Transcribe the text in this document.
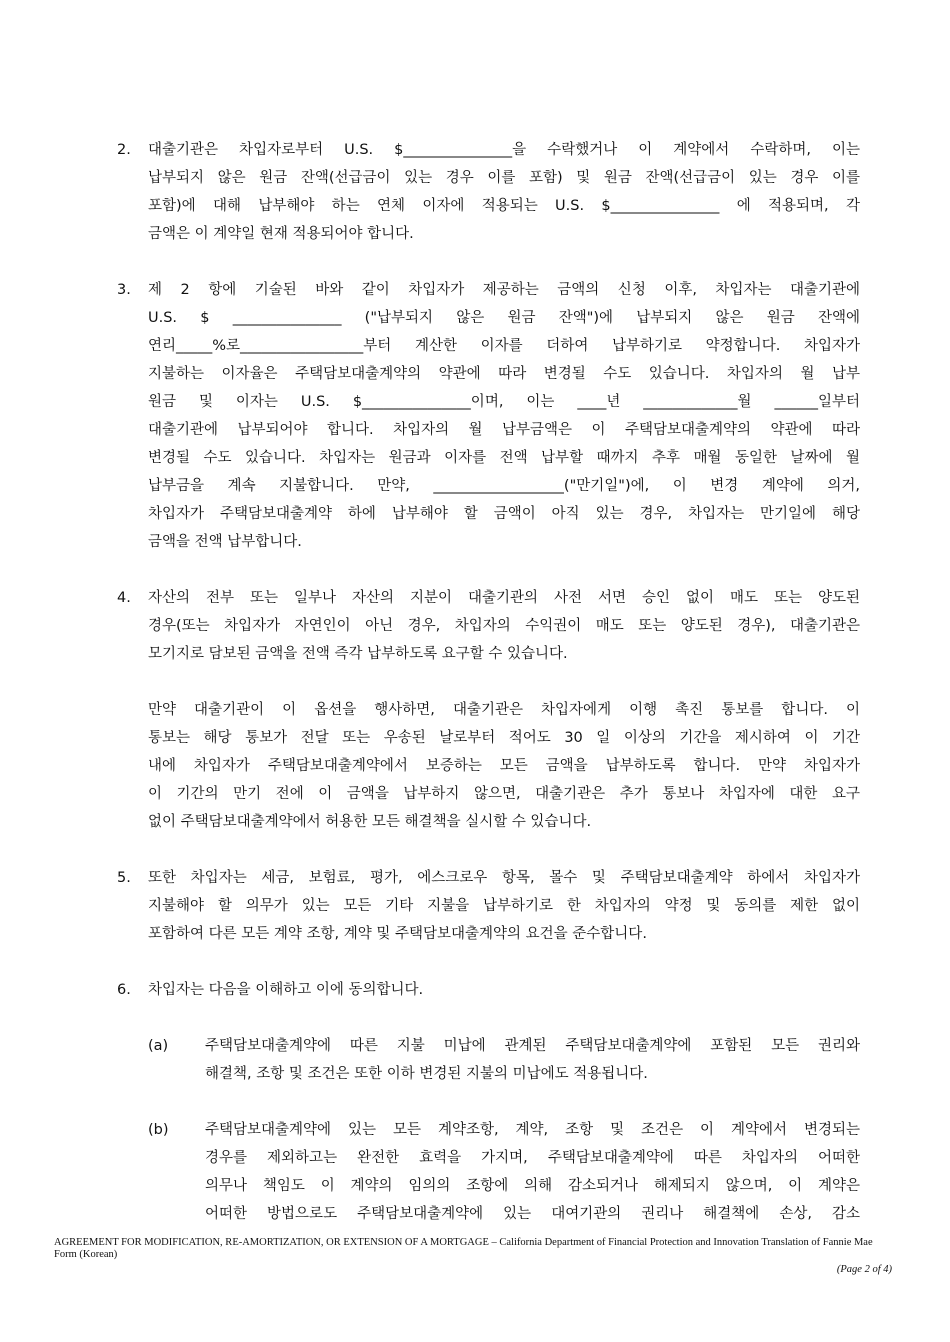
2. 대출기관은 차입자로부터 U.S. $_______________을 수락했거나 이 계약에서 수락하며, 이는
납부되지 않은 원금 잔액(선급금이 있는 경우 이를 포함) 및 원금 잔액(선급금이 있는 경우 이를
포함)에 대해 납부해야 하는 연체 이자에 적용되는 U.S. $_______________ 에 적용되며, 각
금액은 이 계약일 현재 적용되어야 합니다.
3. 제 2 항에 기술된 바와 같이 차입자가 제공하는 금액의 신청 이후, 차입자는 대출기관에
U.S. $ _______________ ("납부되지 않은 원금 잔액")에 납부되지 않은 원금 잔액에
연리_____%로_________________부터 계산한 이자를 더하여 납부하기로 약정합니다. 차입자가
지불하는 이자율은 주택담보대출계약의 약관에 따라 변경될 수도 있습니다. 차입자의 월 납부
원금 및 이자는 U.S. $_______________이며, 이는 ____년 _____________월 ______일부터
대출기관에 납부되어야 합니다. 차입자의 월 납부금액은 이 주택담보대출계약의 약관에 따라
변경될 수도 있습니다. 차입자는 원금과 이자를 전액 납부할 때까지 추후 매월 동일한 날짜에 월
납부금을 계속 지불합니다. 만약, __________________("만기일")에, 이 변경 계약에 의거,
차입자가 주택담보대출계약 하에 납부해야 할 금액이 아직 있는 경우, 차입자는 만기일에 해당
금액을 전액 납부합니다.
4. 자산의 전부 또는 일부나 자산의 지분이 대출기관의 사전 서면 승인 없이 매도 또는 양도된
경우(또는 차입자가 자연인이 아닌 경우, 차입자의 수익권이 매도 또는 양도된 경우), 대출기관은
모기지로 담보된 금액을 전액 즉각 납부하도록 요구할 수 있습니다.
만약 대출기관이 이 옵션을 행사하면, 대출기관은 차입자에게 이행 촉진 통보를 합니다. 이
통보는 해당 통보가 전달 또는 우송된 날로부터 적어도 30 일 이상의 기간을 제시하여 이 기간
내에 차입자가 주택담보대출계약에서 보증하는 모든 금액을 납부하도록 합니다. 만약 차입자가
이 기간의 만기 전에 이 금액을 납부하지 않으면, 대출기관은 추가 통보나 차입자에 대한 요구
없이 주택담보대출계약에서 허용한 모든 해결책을 실시할 수 있습니다.
5. 또한 차입자는 세금, 보험료, 평가, 에스크로우 항목, 몰수 및 주택담보대출계약 하에서 차입자가
지불해야 할 의무가 있는 모든 기타 지불을 납부하기로 한 차입자의 약정 및 동의를 제한 없이
포함하여 다른 모든 계약 조항, 계약 및 주택담보대출계약의 요건을 준수합니다.
6. 차입자는 다음을 이해하고 이에 동의합니다.
(a)	주택담보대출계약에 따른 지불 미납에 관계된 주택담보대출계약에 포함된 모든 권리와
해결책, 조항 및 조건은 또한 이하 변경된 지불의 미납에도 적용됩니다.
(b)	주택담보대출계약에 있는 모든 계약조항, 계약, 조항 및 조건은 이 계약에서 변경되는
경우를 제외하고는 완전한 효력을 가지며, 주택담보대출계약에 따른 차입자의 어떠한
의무나 책임도 이 계약의 임의의 조항에 의해 감소되거나 해제되지 않으며, 이 계약은
어떠한 방법으로도 주택담보대출계약에 있는 대여기관의 권리나 해결책에 손상, 감소
AGREEMENT FOR MODIFICATION, RE-AMORTIZATION, OR EXTENSION OF A MORTGAGE – California Department of Financial Protection and Innovation Translation of Fannie Mae Form (Korean)
(Page 2 of 4)
